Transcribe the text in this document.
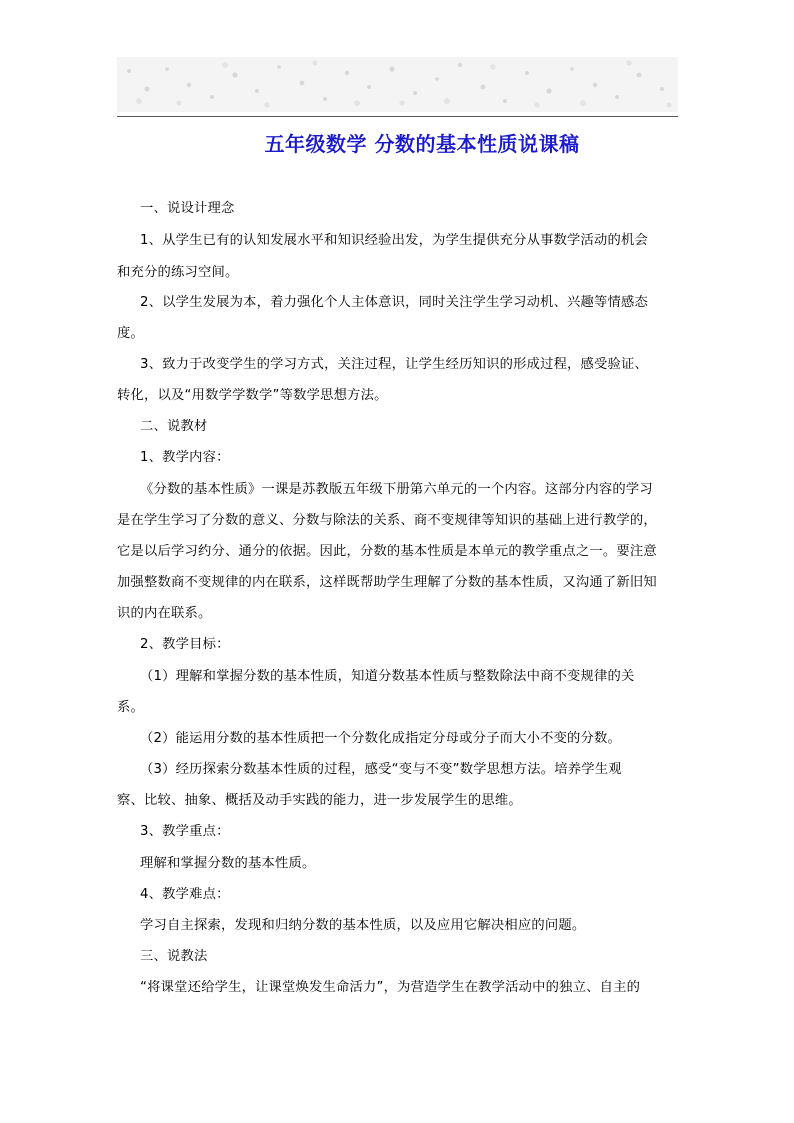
五年级数学 分数的基本性质说课稿
一、说设计理念
1、从学生已有的认知发展水平和知识经验出发，为学生提供充分从事数学活动的机会
和充分的练习空间。
2、以学生发展为本，着力强化个人主体意识，同时关注学生学习动机、兴趣等情感态
度。
3、致力于改变学生的学习方式，关注过程，让学生经历知识的形成过程，感受验证、
转化，以及“用数学学数学”等数学思想方法。
二、说教材
1、教学内容：
《分数的基本性质》一课是苏教版五年级下册第六单元的一个内容。这部分内容的学习
是在学生学习了分数的意义、分数与除法的关系、商不变规律等知识的基础上进行教学的，
它是以后学习约分、通分的依据。因此，分数的基本性质是本单元的教学重点之一。要注意
加强整数商不变规律的内在联系，这样既帮助学生理解了分数的基本性质，又沟通了新旧知
识的内在联系。
2、教学目标：
（1）理解和掌握分数的基本性质，知道分数基本性质与整数除法中商不变规律的关
系。
（2）能运用分数的基本性质把一个分数化成指定分母或分子而大小不变的分数。
（3）经历探索分数基本性质的过程，感受“变与不变”数学思想方法。培养学生观
察、比较、抽象、概括及动手实践的能力，进一步发展学生的思维。
3、教学重点：
理解和掌握分数的基本性质。
4、教学难点：
学习自主探索，发现和归纳分数的基本性质，以及应用它解决相应的问题。
三、说教法
“将课堂还给学生，让课堂焕发生命活力”，为营造学生在教学活动中的独立、自主的
